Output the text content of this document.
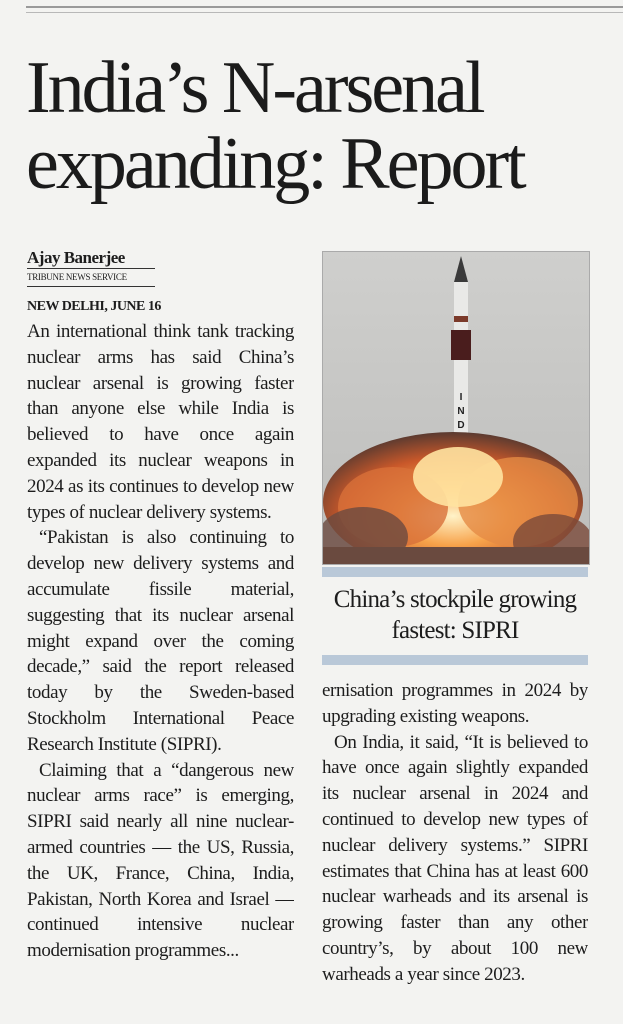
India’s N-arsenal expanding: Report
Ajay Banerjee
TRIBUNE NEWS SERVICE
NEW DELHI, JUNE 16

An international think tank tracking nuclear arms has said China’s nuclear arsenal is growing faster than anyone else while India is believed to have once again expanded its nuclear weapons in 2024 as its continues to develop new types of nuclear delivery systems.

“Pakistan is also continuing to develop new delivery systems and accumulate fissile material, suggesting that its nuclear arsenal might expand over the coming decade,” said the report released today by the Sweden-based Stockholm International Peace Research Institute (SIPRI).

Claiming that a “dangerous new nuclear arms race” is emerging, SIPRI said nearly all nine nuclear-armed countries — the US, Russia, the UK, France, China, India, Pakistan, North Korea and Israel — continued intensive nuclear modernisation programmes...

I
N
D
China’s stockpile growing fastest: SIPRI

ernisation programmes in 2024 by upgrading existing weapons.

On India, it said, “It is believed to have once again slightly expanded its nuclear arsenal in 2024 and continued to develop new types of nuclear delivery systems.” SIPRI estimates that China has at least 600 nuclear warheads and its arsenal is growing faster than any other country’s, by about 100 new warheads a year since 2023.
